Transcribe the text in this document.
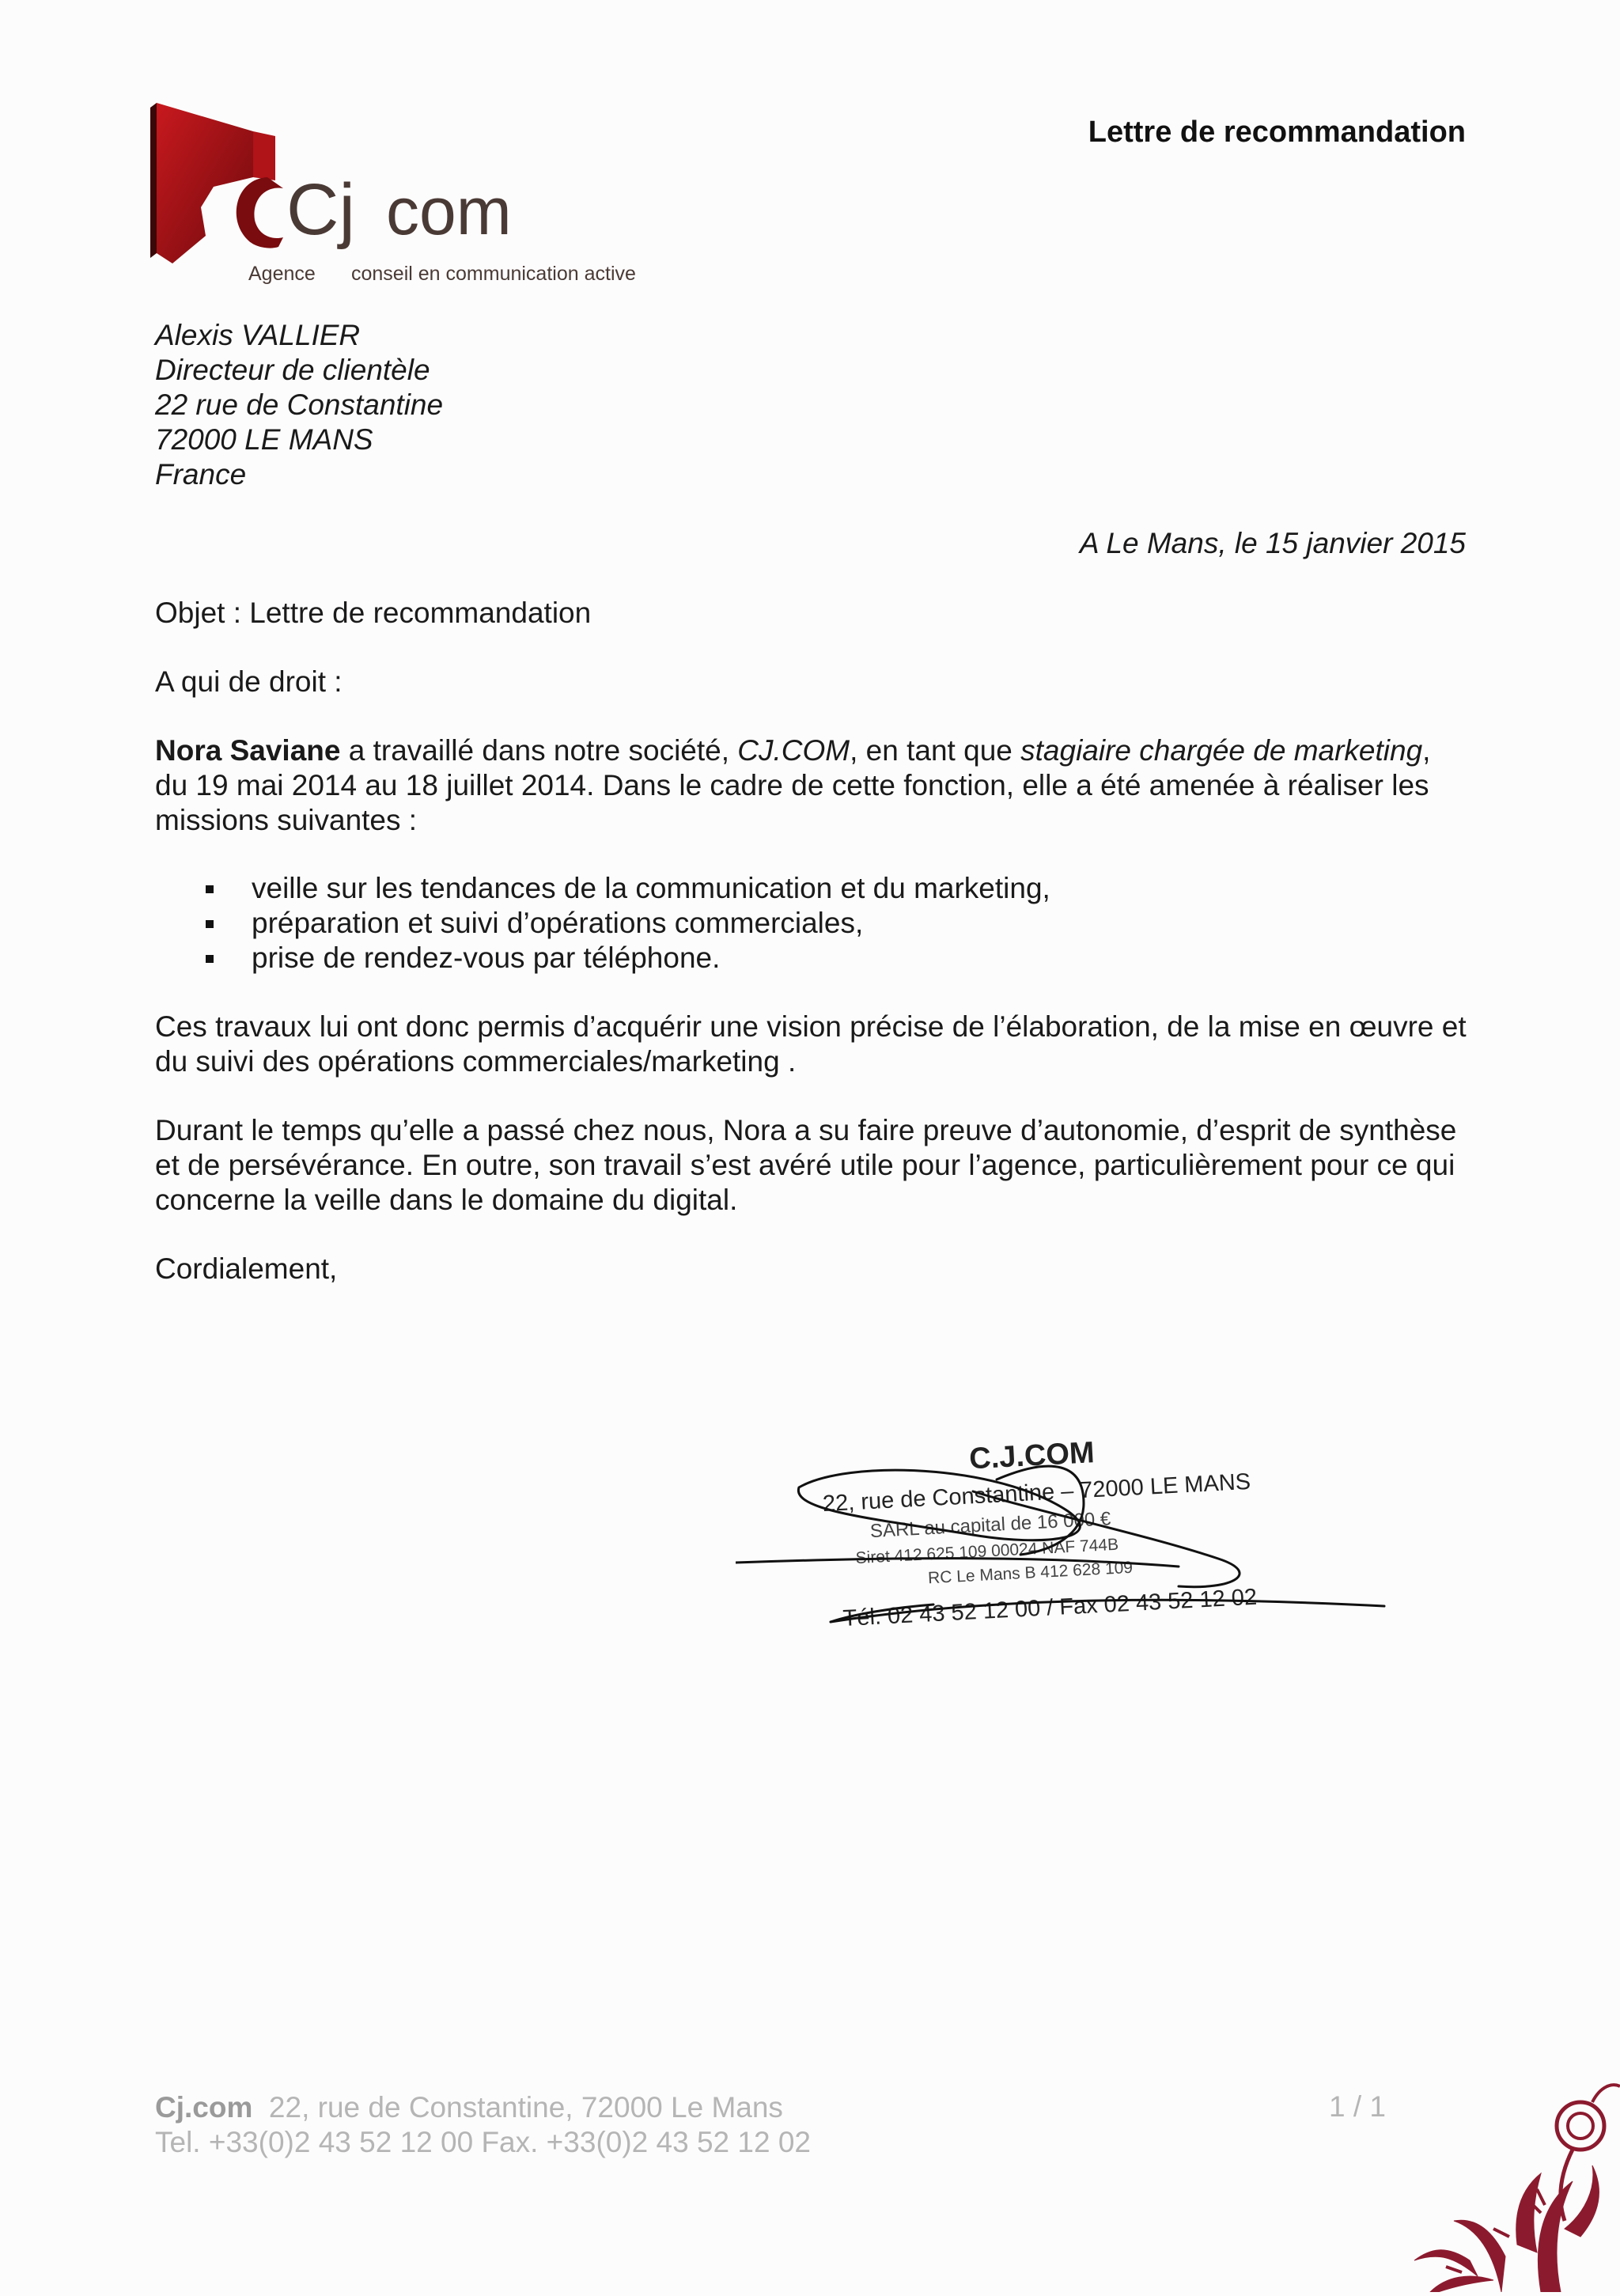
Cj com
Agence conseil en communication active
Lettre de recommandation
Alexis VALLIER
Directeur de clientèle
22 rue de Constantine
72000 LE MANS
France
A Le Mans, le 15 janvier 2015
Objet : Lettre de recommandation
A qui de droit :
Nora Saviane a travaillé dans notre société, CJ.COM, en tant que stagiaire chargée de marketing, du 19 mai 2014 au 18 juillet 2014. Dans le cadre de cette fonction, elle a été amenée à réaliser les missions suivantes :
veille sur les tendances de la communication et du marketing,
préparation et suivi d’opérations commerciales,
prise de rendez-vous par téléphone.
Ces travaux lui ont donc permis d’acquérir une vision précise de l’élaboration, de la mise en œuvre et du suivi des opérations commerciales/marketing .
Durant le temps qu’elle a passé chez nous, Nora a su faire preuve d’autonomie, d’esprit de synthèse et de persévérance. En outre, son travail s’est avéré utile pour l’agence, particulièrement pour ce qui concerne la veille dans le domaine du digital.
Cordialement,
C.J.COM
22, rue de Constantine – 72000 LE MANS
SARL au capital de 16 000 €
Siret 412 625 109 00024 NAF 744B
RC Le Mans B 412 628 109
Tél. 02 43 52 12 00 / Fax 02 43 52 12 02
Cj.com 22, rue de Constantine, 72000 Le Mans
Tel. +33(0)2 43 52 12 00 Fax. +33(0)2 43 52 12 02
1 / 1
